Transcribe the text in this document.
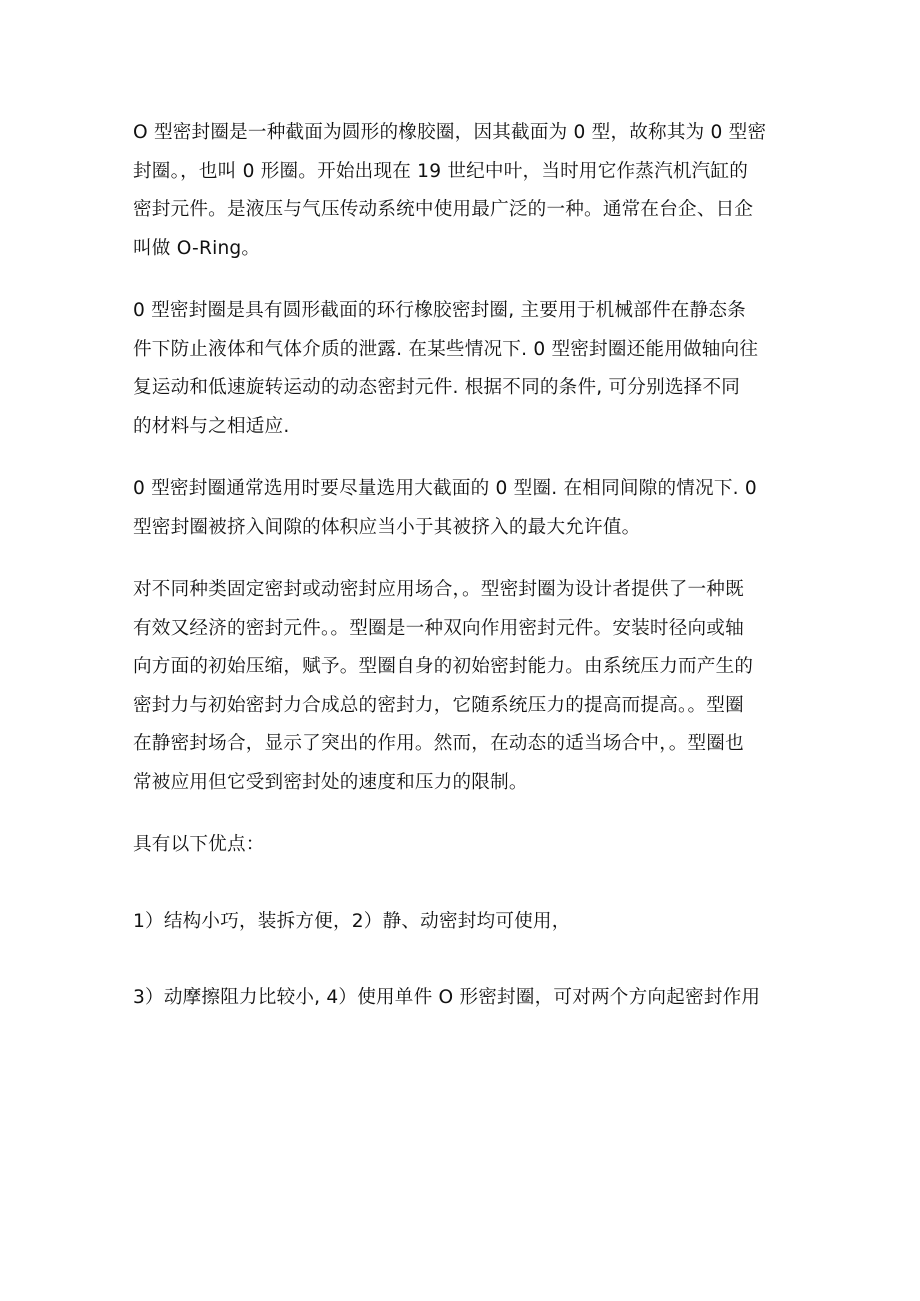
O 型密封圈是一种截面为圆形的橡胶圈，因其截面为 0 型，故称其为 0 型密
封圈。，也叫 0 形圈。开始出现在 19 世纪中叶，当时用它作蒸汽机汽缸的
密封元件。是液压与气压传动系统中使用最广泛的一种。通常在台企、日企
叫做 O-Ring。

0 型密封圈是具有圆形截面的环行橡胶密封圈, 主要用于机械部件在静态条
件下防止液体和气体介质的泄露. 在某些情况下. 0 型密封圈还能用做轴向往
复运动和低速旋转运动的动态密封元件. 根据不同的条件, 可分别选择不同
的材料与之相适应.

0 型密封圈通常选用时要尽量选用大截面的 0 型圈. 在相同间隙的情况下. 0
型密封圈被挤入间隙的体积应当小于其被挤入的最大允许值。

对不同种类固定密封或动密封应用场合，。型密封圈为设计者提供了一种既
有效又经济的密封元件。。型圈是一种双向作用密封元件。安装时径向或轴
向方面的初始压缩，赋予。型圈自身的初始密封能力。由系统压力而产生的
密封力与初始密封力合成总的密封力，它随系统压力的提高而提高。。型圈
在静密封场合，显示了突出的作用。然而，在动态的适当场合中，。型圈也
常被应用但它受到密封处的速度和压力的限制。

具有以下优点：

1）结构小巧，装拆方便，2）静、动密封均可使用，

3）动摩擦阻力比较小, 4）使用单件 O 形密封圈，可对两个方向起密封作用
